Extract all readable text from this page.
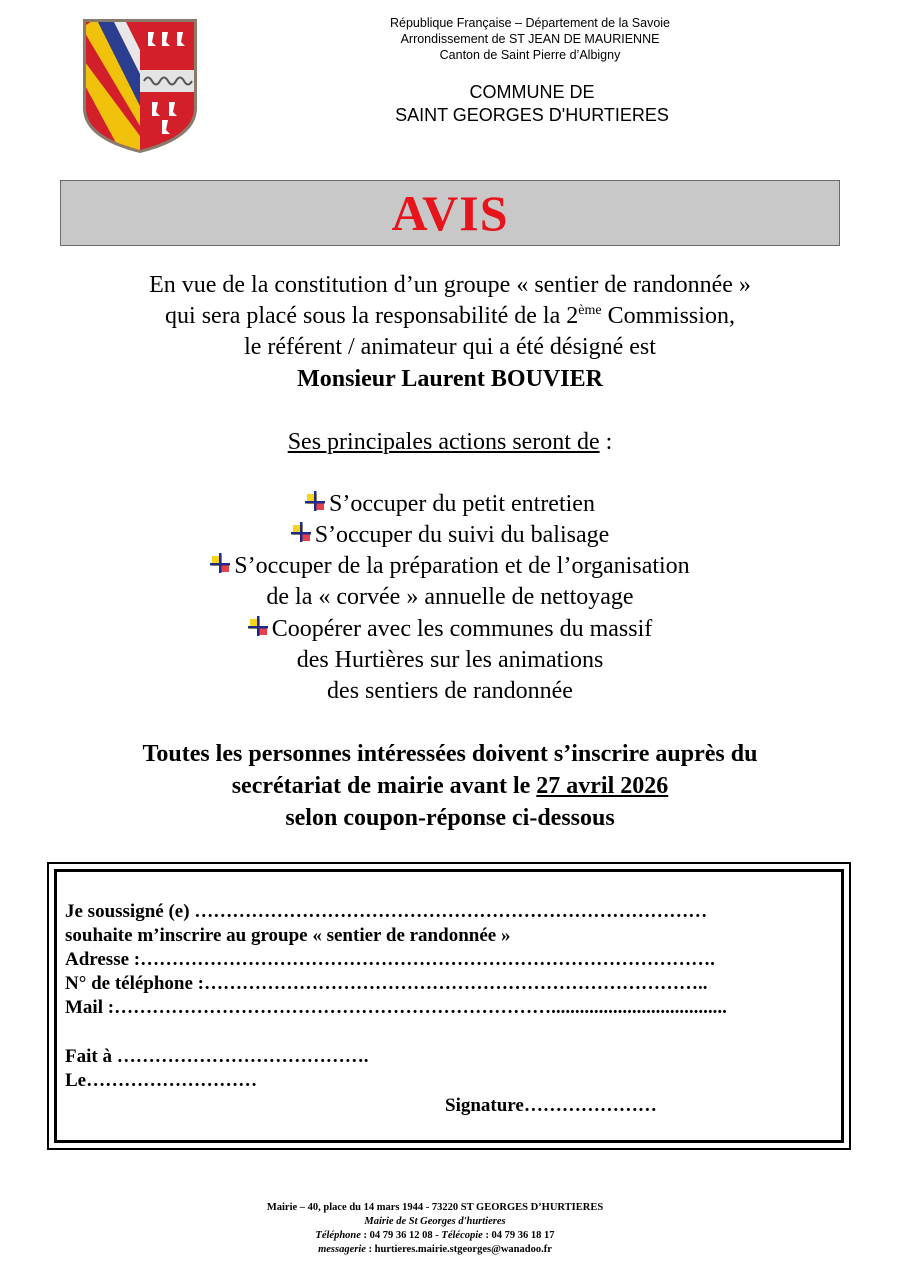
République Française – Département de la Savoie
Arrondissement de ST JEAN DE MAURIENNE
Canton de Saint Pierre d’Albigny
COMMUNE DE
SAINT GEORGES D'HURTIERES
AVIS
En vue de la constitution d’un groupe « sentier de randonnée »
qui sera placé sous la responsabilité de la 2ème Commission,
le référent / animateur qui a été désigné est
Monsieur Laurent BOUVIER
Ses principales actions seront de :
S’occuper du petit entretien
S’occuper du suivi du balisage
S’occuper de la préparation et de l’organisation
de la « corvée » annuelle de nettoyage
Coopérer avec les communes du massif
des Hurtières sur les animations
des sentiers de randonnée
Toutes les personnes intéressées doivent s’inscrire auprès du
secrétariat de mairie avant le 27 avril 2026
selon coupon-réponse ci-dessous
Je soussigné (e) ………………………………………………………………………
souhaite m’inscrire au groupe « sentier de randonnée »
Adresse :……………………………………………………………………………….
N° de téléphone :……………………………………………………………………..
Mail :…………………………………………………………….....................................
Fait à ………………………………….
Le………………………
Signature…………………
Mairie – 40, place du 14 mars 1944 - 73220 ST GEORGES D’HURTIERES
Mairie de St Georges d'hurtieres
Téléphone : 04 79 36 12 08 - Télécopie : 04 79 36 18 17
messagerie : hurtieres.mairie.stgeorges@wanadoo.fr
